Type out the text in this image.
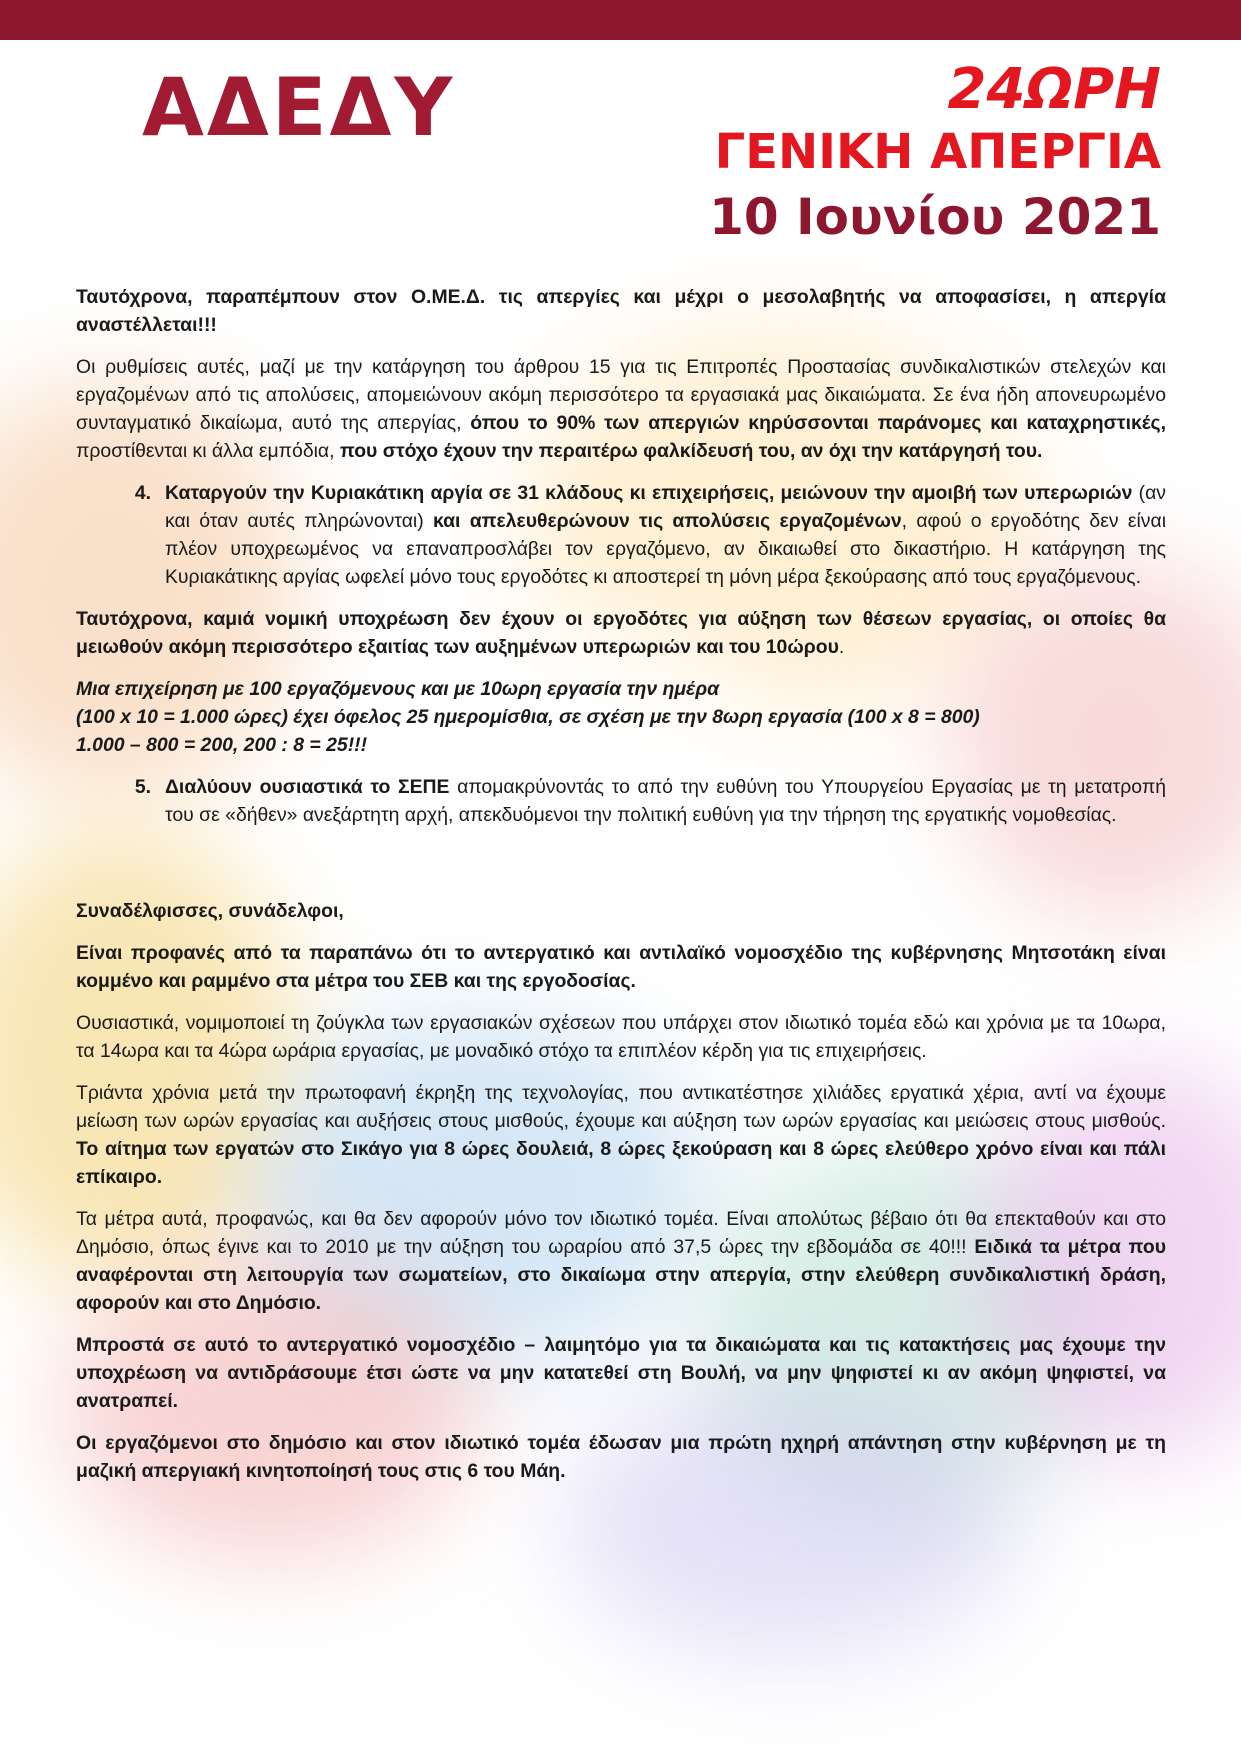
ΑΔΕΔΥ	24ΩΡΗ
ΓΕΝΙΚΗ ΑΠΕΡΓΙΑ
10 Ιουνίου 2021

Ταυτόχρονα, παραπέμπουν στον Ο.ΜΕ.Δ. τις απεργίες και μέχρι ο μεσολαβητής να αποφασίσει, η απεργία αναστέλλεται!!!

Οι ρυθμίσεις αυτές, μαζί με την κατάργηση του άρθρου 15 για τις Επιτροπές Προστασίας συνδικαλιστικών στελεχών και εργαζομένων από τις απολύσεις, απομειώνουν ακόμη περισσότερο τα εργασιακά μας δικαιώματα. Σε ένα ήδη απονευρωμένο συνταγματικό δικαίωμα, αυτό της απεργίας, όπου το 90% των απεργιών κηρύσσονται παράνομες και καταχρηστικές, προστίθενται κι άλλα εμπόδια, που στόχο έχουν την περαιτέρω φαλκίδευσή του, αν όχι την κατάργησή του.

4. Καταργούν την Κυριακάτικη αργία σε 31 κλάδους κι επιχειρήσεις, μειώνουν την αμοιβή των υπερωριών (αν και όταν αυτές πληρώνονται) και απελευθερώνουν τις απολύσεις εργαζομένων, αφού ο εργοδότης δεν είναι πλέον υποχρεωμένος να επαναπροσλάβει τον εργαζόμενο, αν δικαιωθεί στο δικαστήριο. Η κατάργηση της Κυριακάτικης αργίας ωφελεί μόνο τους εργοδότες κι αποστερεί τη μόνη μέρα ξεκούρασης από τους εργαζόμενους.

Ταυτόχρονα, καμιά νομική υποχρέωση δεν έχουν οι εργοδότες για αύξηση των θέσεων εργασίας, οι οποίες θα μειωθούν ακόμη περισσότερο εξαιτίας των αυξημένων υπερωριών και του 10ώρου.

Μια επιχείρηση με 100 εργαζόμενους και με 10ωρη εργασία την ημέρα
(100 x 10 = 1.000 ώρες) έχει όφελος 25 ημερομίσθια, σε σχέση με την 8ωρη εργασία (100 x 8 = 800)
1.000 – 800 = 200, 200 : 8 = 25!!!

5. Διαλύουν ουσιαστικά το ΣΕΠΕ απομακρύνοντάς το από την ευθύνη του Υπουργείου Εργασίας με τη μετατροπή του σε «δήθεν» ανεξάρτητη αρχή, απεκδυόμενοι την πολιτική ευθύνη για την τήρηση της εργατικής νομοθεσίας.

Συναδέλφισσες, συνάδελφοι,

Είναι προφανές από τα παραπάνω ότι το αντεργατικό και αντιλαϊκό νομοσχέδιο της κυβέρνησης Μητσοτάκη είναι κομμένο και ραμμένο στα μέτρα του ΣΕΒ και της εργοδοσίας.

Ουσιαστικά, νομιμοποιεί τη ζούγκλα των εργασιακών σχέσεων που υπάρχει στον ιδιωτικό τομέα εδώ και χρόνια με τα 10ωρα, τα 14ωρα και τα 4ώρα ωράρια εργασίας, με μοναδικό στόχο τα επιπλέον κέρδη για τις επιχειρήσεις.

Τριάντα χρόνια μετά την πρωτοφανή έκρηξη της τεχνολογίας, που αντικατέστησε χιλιάδες εργατικά χέρια, αντί να έχουμε μείωση των ωρών εργασίας και αυξήσεις στους μισθούς, έχουμε και αύξηση των ωρών εργασίας και μειώσεις στους μισθούς. Το αίτημα των εργατών στο Σικάγο για 8 ώρες δουλειά, 8 ώρες ξεκούραση και 8 ώρες ελεύθερο χρόνο είναι και πάλι επίκαιρο.

Τα μέτρα αυτά, προφανώς, και θα δεν αφορούν μόνο τον ιδιωτικό τομέα. Είναι απολύτως βέβαιο ότι θα επεκταθούν και στο Δημόσιο, όπως έγινε και το 2010 με την αύξηση του ωραρίου από 37,5 ώρες την εβδομάδα σε 40!!! Ειδικά τα μέτρα που αναφέρονται στη λειτουργία των σωματείων, στο δικαίωμα στην απεργία, στην ελεύθερη συνδικαλιστική δράση, αφορούν και στο Δημόσιο.

Μπροστά σε αυτό το αντεργατικό νομοσχέδιο – λαιμητόμο για τα δικαιώματα και τις κατακτήσεις μας έχουμε την υποχρέωση να αντιδράσουμε έτσι ώστε να μην κατατεθεί στη Βουλή, να μην ψηφιστεί κι αν ακόμη ψηφιστεί, να ανατραπεί.

Οι εργαζόμενοι στο δημόσιο και στον ιδιωτικό τομέα έδωσαν μια πρώτη ηχηρή απάντηση στην κυβέρνηση με τη μαζική απεργιακή κινητοποίησή τους στις 6 του Μάη.
